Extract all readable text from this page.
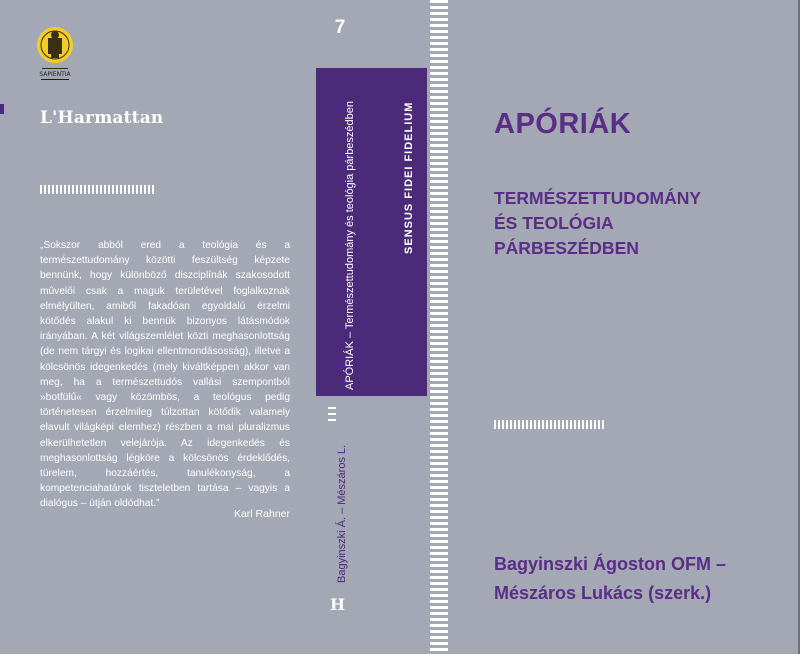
SAPIENTIA
L'Harmattan
„Sokszor abból ered a teológia és a természettudomány közötti feszültség képzete bennünk, hogy különböző diszciplínák szakosodott művelői csak a maguk területével foglalkoznak elmélyülten, amiből fakadóan egyoldalú érzelmi kötődés alakul ki bennük bizonyos látásmódok irányában. A két világszemlélet közti meghasonlottság (de nem tárgyi és logikai ellentmondásosság), illetve a kölcsönös idegenkedés (mely kiváltképpen akkor van meg, ha a természettudós vallási szempontból »botfülű« vagy közömbös, a teológus pedig történetesen érzelmileg túlzottan kötődik valamely elavult világképi elemhez) részben a mai pluralizmus elkerülhetetlen velejárója. Az idegenkedés és meghasonlottság légköre a kölcsönös érdeklődés, türelem, hozzáértés, tanulékonyság, a kompetenciahatárok tiszteletben tartása – vagyis a dialógus – útján oldódhat.”
Karl Rahner
7
APÓRIÁK – Természettudomány és teológia párbeszédben	SENSUS FIDEI FIDELIUM
Bagyinszki Á. – Mészáros L.
H
APÓRIÁK
TERMÉSZETTUDOMÁNY
ÉS TEOLÓGIA
PÁRBESZÉDBEN
Bagyinszki Ágoston OFM –
Mészáros Lukács (szerk.)
